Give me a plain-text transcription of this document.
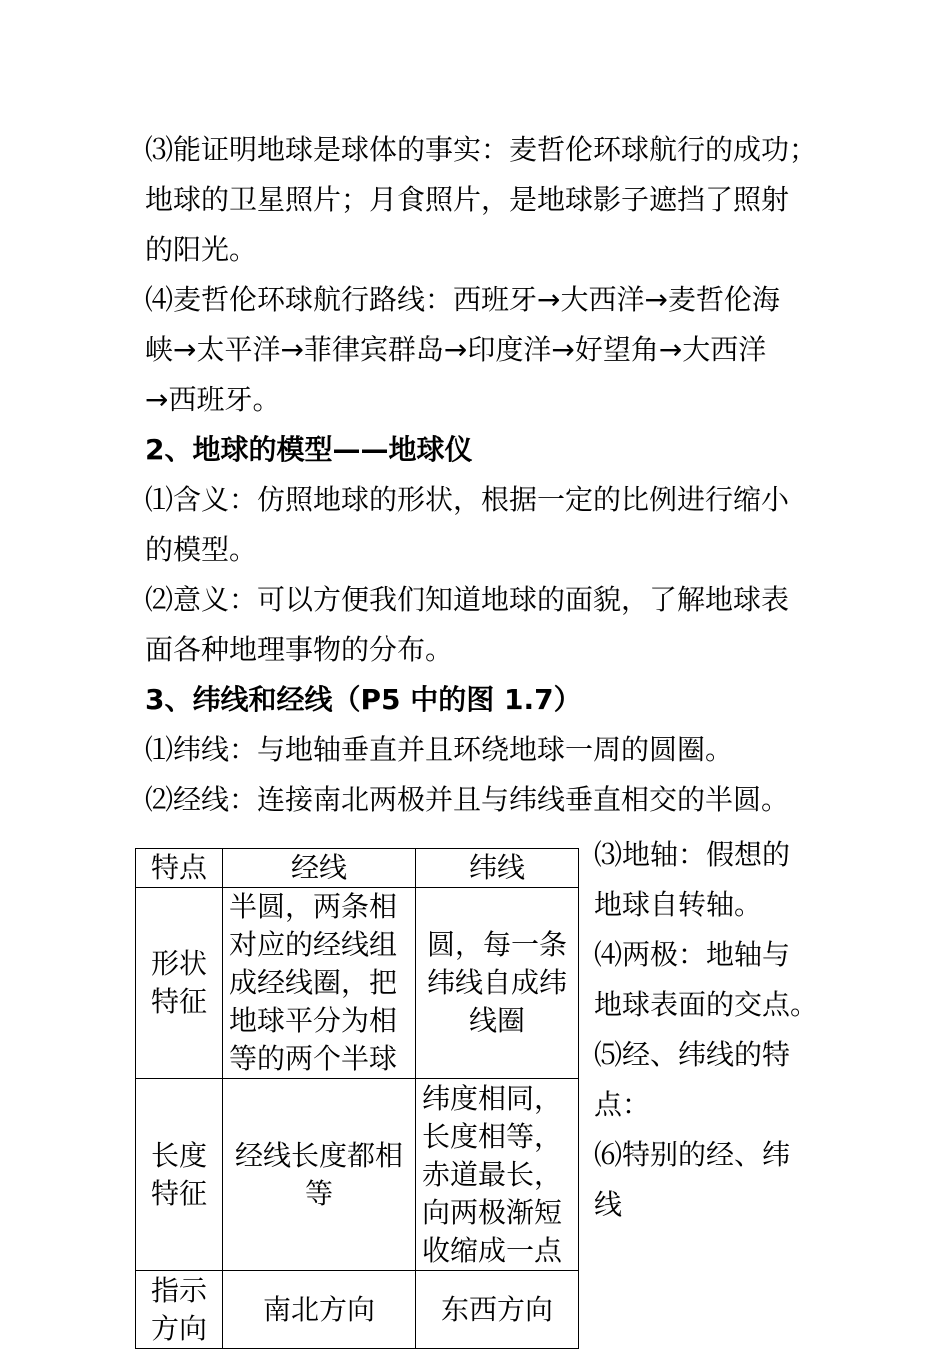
⑶能证明地球是球体的事实：麦哲伦环球航行的成功；
地球的卫星照片；月食照片，是地球影子遮挡了照射
的阳光。
⑷麦哲伦环球航行路线：西班牙→大西洋→麦哲伦海
峡→太平洋→菲律宾群岛→印度洋→好望角→大西洋
→西班牙。
2、地球的模型——地球仪
⑴含义：仿照地球的形状，根据一定的比例进行缩小
的模型。
⑵意义：可以方便我们知道地球的面貌，了解地球表
面各种地理事物的分布。
3、纬线和经线（P5 中的图 1.7）
⑴纬线：与地轴垂直并且环绕地球一周的圆圈。
⑵经线：连接南北两极并且与纬线垂直相交的半圆。
特点	经线	纬线
形状特征	半圆，两条相对应的经线组成经线圈，把地球平分为相等的两个半球	圆，每一条纬线自成纬线圈
长度特征	经线长度都相等	纬度相同，长度相等，赤道最长，向两极渐短收缩成一点
指示方向	南北方向	东西方向
⑶地轴：假想的
地球自转轴。
⑷两极：地轴与
地球表面的交点。
⑸经、纬线的特
点：
⑹特别的经、纬
线
